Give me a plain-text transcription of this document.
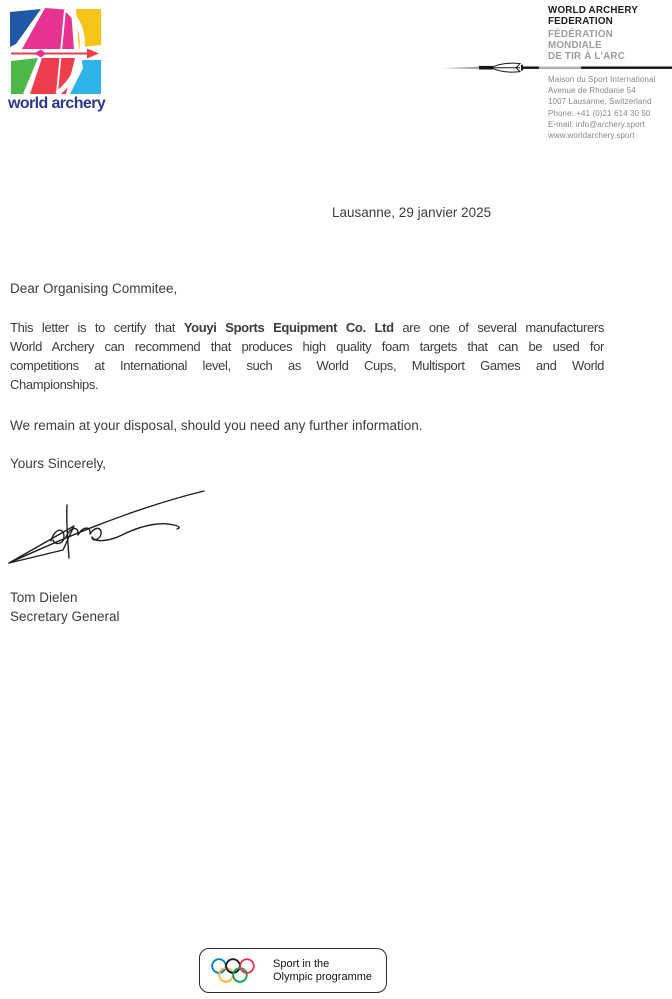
world archery
WORLD ARCHERY
FEDERATION
FÉDÉRATION
MONDIALE
DE TIR À L'ARC
Maison du Sport International
Avenue de Rhodanie 54
1007 Lausanne, Switzerland
Phone: +41 (0)21 614 30 50
E-mail: info@archery.sport
www.worldarchery.sport
Lausanne, 29 janvier 2025
Dear Organising Commitee,
This letter is to certify that Youyi Sports Equipment Co. Ltd are one of several manufacturers
World Archery can recommend that produces high quality foam targets that can be used for
competitions at International level, such as World Cups, Multisport Games and World
Championships.
We remain at your disposal, should you need any further information.
Yours Sincerely,
Tom Dielen
Secretary General
Sport in the
Olympic programme
